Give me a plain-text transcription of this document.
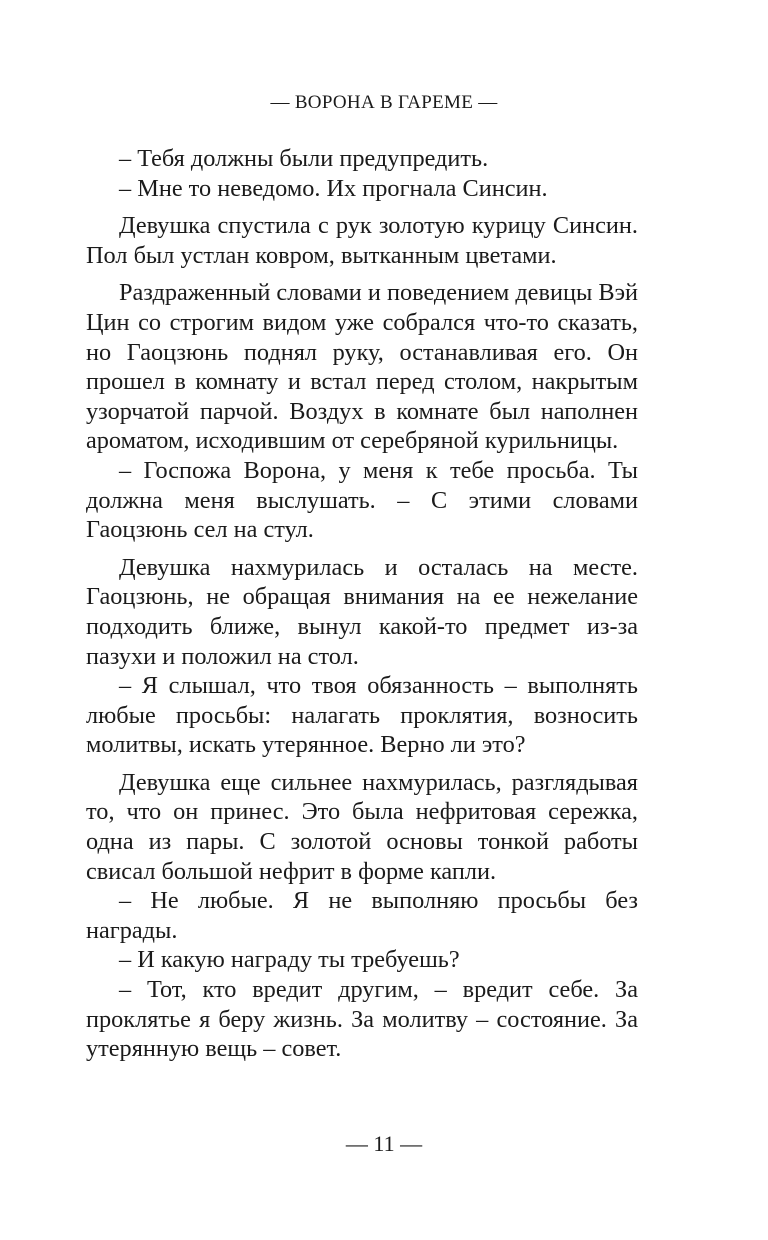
— ВОРОНА В ГАРЕМЕ —

– Тебя должны были предупредить.

– Мне то неведомо. Их прогнала Синсин.

Девушка спустила с рук золотую курицу Синсин. Пол был устлан ковром, вытканным цветами.

Раздраженный словами и поведением девицы Вэй Цин со строгим видом уже собрался что-то сказать, но Гаоцзюнь поднял руку, останавливая его. Он прошел в комнату и встал перед столом, накрытым узорчатой парчой. Воздух в комнате был наполнен ароматом, исходившим от серебряной курильницы.

– Госпожа Ворона, у меня к тебе просьба. Ты должна меня выслушать. – С этими словами Гаоцзюнь сел на стул.

Девушка нахмурилась и осталась на месте. Гаоцзюнь, не обращая внимания на ее нежелание подходить ближе, вынул какой-то предмет из-за пазухи и положил на стол.

– Я слышал, что твоя обязанность – выполнять любые просьбы: налагать проклятия, возносить молитвы, искать утерянное. Верно ли это?

Девушка еще сильнее нахмурилась, разглядывая то, что он принес. Это была нефритовая сережка, одна из пары. С золотой основы тонкой работы свисал большой нефрит в форме капли.

– Не любые. Я не выполняю просьбы без награды.

– И какую награду ты требуешь?

– Тот, кто вредит другим, – вредит себе. За проклятье я беру жизнь. За молитву – состояние. За утерянную вещь – совет.

— 11 —
